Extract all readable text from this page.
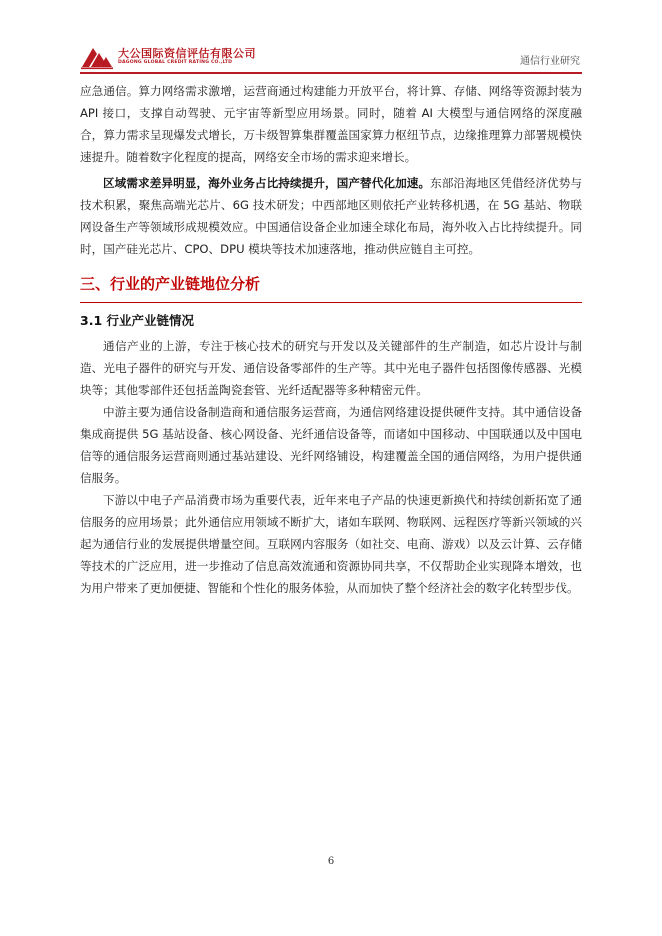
大公国际资信评估有限公司
DAGONG GLOBAL CREDIT RATING CO.,LTD	通信行业研究

应急通信。算力网络需求激增，运营商通过构建能力开放平台，将计算、存储、网络等资源封装为 API 接口，支撑自动驾驶、元宇宙等新型应用场景。同时，随着 AI 大模型与通信网络的深度融合，算力需求呈现爆发式增长，万卡级智算集群覆盖国家算力枢纽节点，边缘推理算力部署规模快速提升。随着数字化程度的提高，网络安全市场的需求迎来增长。

区域需求差异明显，海外业务占比持续提升，国产替代化加速。东部沿海地区凭借经济优势与技术积累，聚焦高端光芯片、6G 技术研发；中西部地区则依托产业转移机遇，在 5G 基站、物联网设备生产等领域形成规模效应。中国通信设备企业加速全球化布局，海外收入占比持续提升。同时，国产硅光芯片、CPO、DPU 模块等技术加速落地，推动供应链自主可控。

三、行业的产业链地位分析
3.1 行业产业链情况

通信产业的上游，专注于核心技术的研究与开发以及关键部件的生产制造，如芯片设计与制造、光电子器件的研究与开发、通信设备零部件的生产等。其中光电子器件包括图像传感器、光模块等；其他零部件还包括盖陶瓷套管、光纤适配器等多种精密元件。

中游主要为通信设备制造商和通信服务运营商，为通信网络建设提供硬件支持。其中通信设备集成商提供 5G 基站设备、核心网设备、光纤通信设备等，而诸如中国移动、中国联通以及中国电信等的通信服务运营商则通过基站建设、光纤网络铺设，构建覆盖全国的通信网络，为用户提供通信服务。

下游以中电子产品消费市场为重要代表，近年来电子产品的快速更新换代和持续创新拓宽了通信服务的应用场景；此外通信应用领域不断扩大，诸如车联网、物联网、远程医疗等新兴领域的兴起为通信行业的发展提供增量空间。互联网内容服务（如社交、电商、游戏）以及云计算、云存储等技术的广泛应用，进一步推动了信息高效流通和资源协同共享，不仅帮助企业实现降本增效，也为用户带来了更加便捷、智能和个性化的服务体验，从而加快了整个经济社会的数字化转型步伐。

6
